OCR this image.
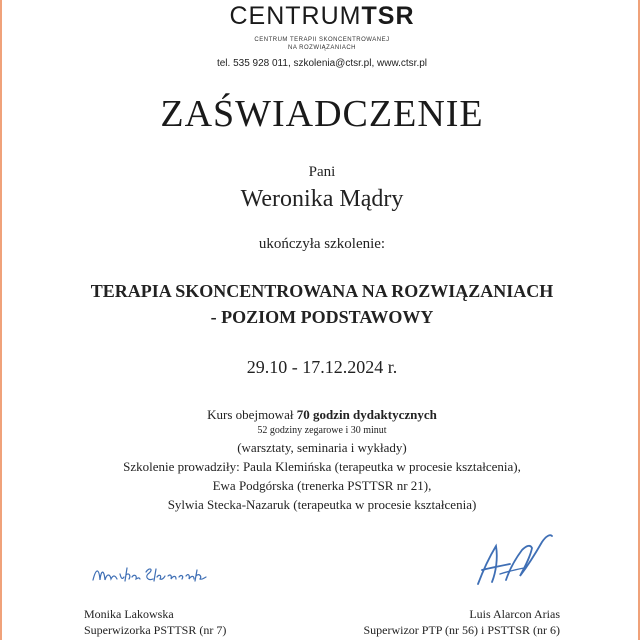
CENTRUMTSR
CENTRUM TERAPII SKONCENTROWANEJ
NA ROZWIĄZANIACH
tel. 535 928 011, szkolenia@ctsr.pl, www.ctsr.pl
ZAŚWIADCZENIE
Pani
Weronika Mądry
ukończyła szkolenie:
TERAPIA SKONCENTROWANA NA ROZWIĄZANIACH
- POZIOM PODSTAWOWY
29.10 - 17.12.2024 r.
Kurs obejmował 70 godzin dydaktycznych
52 godziny zegarowe i 30 minut
(warsztaty, seminaria i wykłady)
Szkolenie prowadziły: Paula Klemińska (terapeutka w procesie kształcenia),
Ewa Podgórska (trenerka PSTTSR nr 21),
Sylwia Stecka-Nazaruk (terapeutka w procesie kształcenia)
Monika Lakowska
Superwizorka PSTTSR (nr 7)
Luis Alarcon Arias
Superwizor PTP (nr 56) i PSTTSR (nr 6)
